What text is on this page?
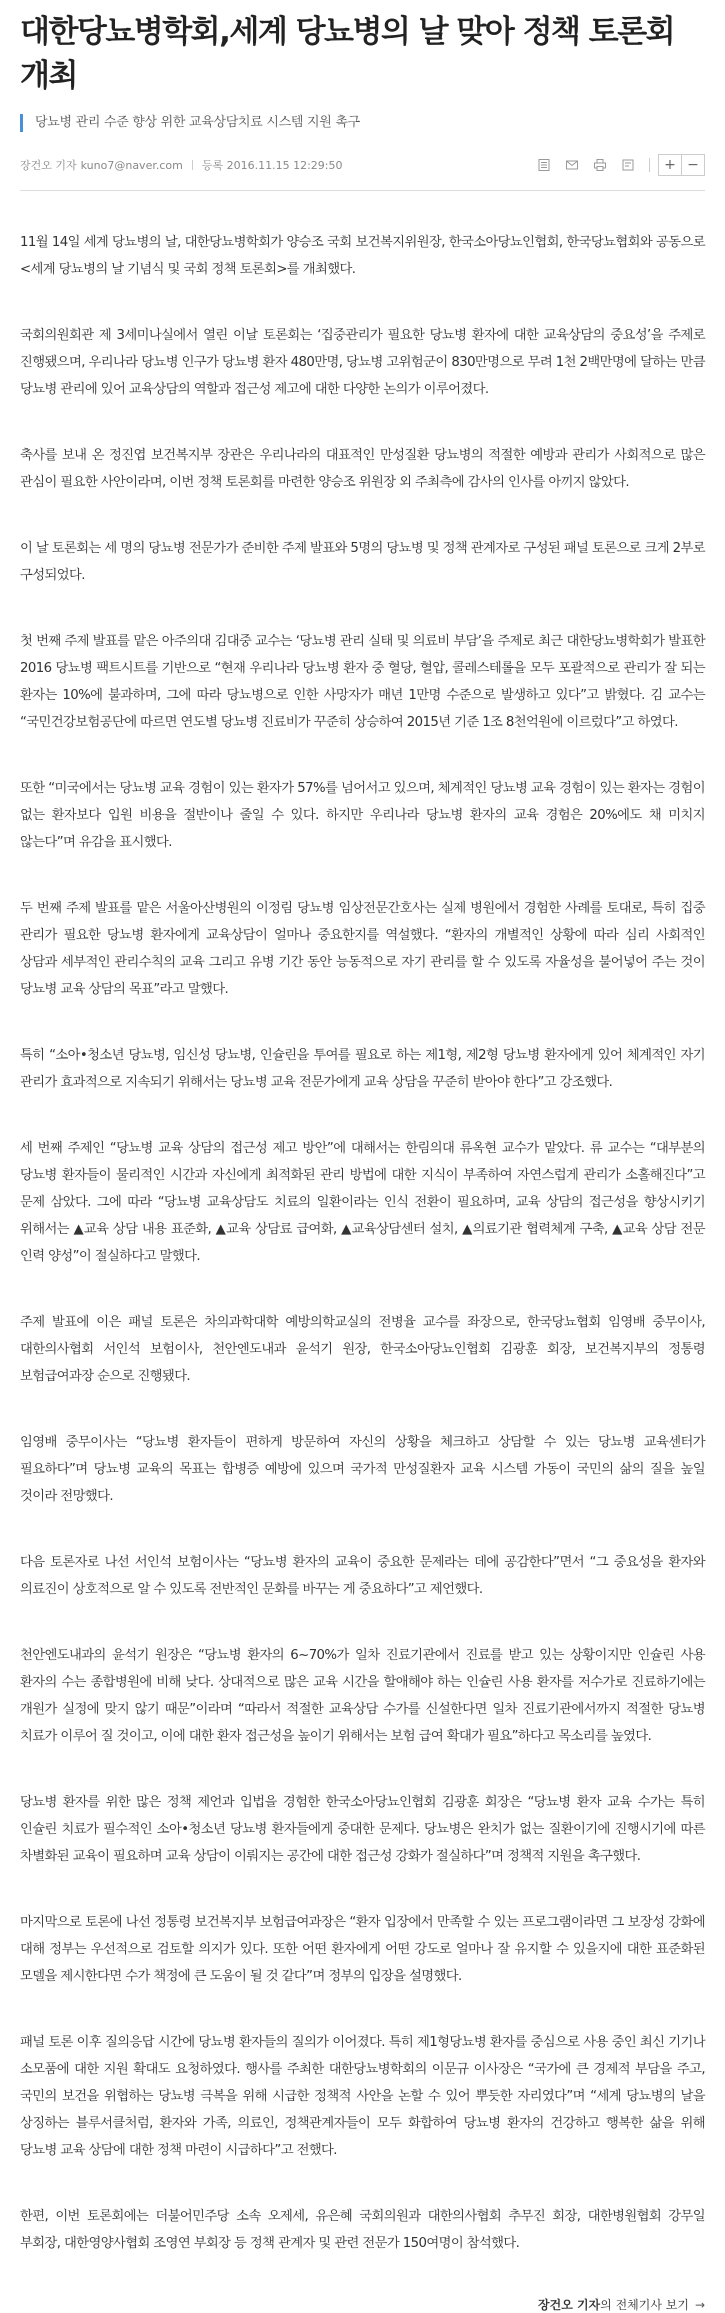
대한당뇨병학회,세계 당뇨병의 날 맞아 정책 토론회 개최
당뇨병 관리 수준 향상 위한 교육상담치료 시스템 지원 촉구
장건오 기자 kuno7@naver.com 등록 2016.11.15 12:29:50	+ −

11월 14일 세계 당뇨병의 날, 대한당뇨병학회가 양승조 국회 보건복지위원장, 한국소아당뇨인협회, 한국당뇨협회와 공동으로 <세계 당뇨병의 날 기념식 및 국회 정책 토론회>를 개최했다.

국회의원회관 제 3세미나실에서 열린 이날 토론회는 ‘집중관리가 필요한 당뇨병 환자에 대한 교육상담의 중요성’을 주제로 진행됐으며, 우리나라 당뇨병 인구가 당뇨병 환자 480만명, 당뇨병 고위험군이 830만명으로 무려 1천 2백만명에 달하는 만큼 당뇨병 관리에 있어 교육상담의 역할과 접근성 제고에 대한 다양한 논의가 이루어졌다.

축사를 보내 온 정진엽 보건복지부 장관은 우리나라의 대표적인 만성질환 당뇨병의 적절한 예방과 관리가 사회적으로 많은 관심이 필요한 사안이라며, 이번 정책 토론회를 마련한 양승조 위원장 외 주최측에 감사의 인사를 아끼지 않았다.

이 날 토론회는 세 명의 당뇨병 전문가가 준비한 주제 발표와 5명의 당뇨병 및 정책 관계자로 구성된 패널 토론으로 크게 2부로 구성되었다.

첫 번째 주제 발표를 맡은 아주의대 김대중 교수는 ‘당뇨병 관리 실태 및 의료비 부담’을 주제로 최근 대한당뇨병학회가 발표한 2016 당뇨병 팩트시트를 기반으로 “현재 우리나라 당뇨병 환자 중 혈당, 혈압, 콜레스테롤을 모두 포괄적으로 관리가 잘 되는 환자는 10%에 불과하며, 그에 따라 당뇨병으로 인한 사망자가 매년 1만명 수준으로 발생하고 있다”고 밝혔다. 김 교수는 “국민건강보험공단에 따르면 연도별 당뇨병 진료비가 꾸준히 상승하여 2015년 기준 1조 8천억원에 이르렀다”고 하였다.

또한 “미국에서는 당뇨병 교육 경험이 있는 환자가 57%를 넘어서고 있으며, 체계적인 당뇨병 교육 경험이 있는 환자는 경험이 없는 환자보다 입원 비용을 절반이나 줄일 수 있다. 하지만 우리나라 당뇨병 환자의 교육 경험은 20%에도 채 미치지 않는다”며 유감을 표시했다.

두 번째 주제 발표를 맡은 서울아산병원의 이정림 당뇨병 임상전문간호사는 실제 병원에서 경험한 사례를 토대로, 특히 집중 관리가 필요한 당뇨병 환자에게 교육상담이 얼마나 중요한지를 역설했다. “환자의 개별적인 상황에 따라 심리 사회적인 상담과 세부적인 관리수칙의 교육 그리고 유병 기간 동안 능동적으로 자기 관리를 할 수 있도록 자율성을 불어넣어 주는 것이 당뇨병 교육 상담의 목표”라고 말했다.

특히 “소아•청소년 당뇨병, 임신성 당뇨병, 인슐린을 투여를 필요로 하는 제1형, 제2형 당뇨병 환자에게 있어 체계적인 자기 관리가 효과적으로 지속되기 위해서는 당뇨병 교육 전문가에게 교육 상담을 꾸준히 받아야 한다”고 강조했다.

세 번째 주제인 “당뇨병 교육 상담의 접근성 제고 방안”에 대해서는 한림의대 류옥현 교수가 맡았다. 류 교수는 “대부분의 당뇨병 환자들이 물리적인 시간과 자신에게 최적화된 관리 방법에 대한 지식이 부족하여 자연스럽게 관리가 소홀해진다”고 문제 삼았다. 그에 따라 “당뇨병 교육상담도 치료의 일환이라는 인식 전환이 필요하며, 교육 상담의 접근성을 향상시키기 위해서는 ▲교육 상담 내용 표준화, ▲교육 상담료 급여화, ▲교육상담센터 설치, ▲의료기관 협력체계 구축, ▲교육 상담 전문 인력 양성”이 절실하다고 말했다.

주제 발표에 이은 패널 토론은 차의과학대학 예방의학교실의 전병율 교수를 좌장으로, 한국당뇨협회 임영배 중무이사, 대한의사협회 서인석 보험이사, 천안엔도내과 윤석기 원장, 한국소아당뇨인협회 김광훈 회장, 보건복지부의 정통령 보험급여과장 순으로 진행됐다.

임영배 중무이사는 “당뇨병 환자들이 편하게 방문하여 자신의 상황을 체크하고 상담할 수 있는 당뇨병 교육센터가 필요하다”며 당뇨병 교육의 목표는 합병증 예방에 있으며 국가적 만성질환자 교육 시스템 가동이 국민의 삶의 질을 높일 것이라 전망했다.

다음 토론자로 나선 서인석 보험이사는 “당뇨병 환자의 교육이 중요한 문제라는 데에 공감한다”면서 “그 중요성을 환자와 의료진이 상호적으로 알 수 있도록 전반적인 문화를 바꾸는 게 중요하다”고 제언했다.

천안엔도내과의 윤석기 원장은 “당뇨병 환자의 6~70%가 일차 진료기관에서 진료를 받고 있는 상황이지만 인슐린 사용 환자의 수는 종합병원에 비해 낮다. 상대적으로 많은 교육 시간을 할애해야 하는 인슐린 사용 환자를 저수가로 진료하기에는 개원가 실정에 맞지 않기 때문”이라며 “따라서 적절한 교육상담 수가를 신설한다면 일차 진료기관에서까지 적절한 당뇨병 치료가 이루어 질 것이고, 이에 대한 환자 접근성을 높이기 위해서는 보험 급여 확대가 필요”하다고 목소리를 높였다.

당뇨병 환자를 위한 많은 정책 제언과 입법을 경험한 한국소아당뇨인협회 김광훈 회장은 “당뇨병 환자 교육 수가는 특히 인슐린 치료가 필수적인 소아•청소년 당뇨병 환자들에게 중대한 문제다. 당뇨병은 완치가 없는 질환이기에 진행시기에 따른 차별화된 교육이 필요하며 교육 상담이 이뤄지는 공간에 대한 접근성 강화가 절실하다”며 정책적 지원을 촉구했다.

마지막으로 토론에 나선 정통령 보건복지부 보험급여과장은 “환자 입장에서 만족할 수 있는 프로그램이라면 그 보장성 강화에 대해 정부는 우선적으로 검토할 의지가 있다. 또한 어떤 환자에게 어떤 강도로 얼마나 잘 유지할 수 있을지에 대한 표준화된 모델을 제시한다면 수가 책정에 큰 도움이 될 것 같다”며 정부의 입장을 설명했다.

패널 토론 이후 질의응답 시간에 당뇨병 환자들의 질의가 이어졌다. 특히 제1형당뇨병 환자를 중심으로 사용 중인 최신 기기나 소모품에 대한 지원 확대도 요청하였다. 행사를 주최한 대한당뇨병학회의 이문규 이사장은 “국가에 큰 경제적 부담을 주고, 국민의 보건을 위협하는 당뇨병 극복을 위해 시급한 정책적 사안을 논할 수 있어 뿌듯한 자리였다”며 “세계 당뇨병의 날을 상징하는 블루서클처럼, 환자와 가족, 의료인, 정책관계자들이 모두 화합하여 당뇨병 환자의 건강하고 행복한 삶을 위해 당뇨병 교육 상담에 대한 정책 마련이 시급하다”고 전했다.

한편, 이번 토론회에는 더불어민주당 소속 오제세, 유은혜 국회의원과 대한의사협회 추무진 회장, 대한병원협회 강무일 부회장, 대한영양사협회 조영연 부회장 등 정책 관계자 및 관련 전문가 150여명이 참석했다.

장건오 기자 의 전체기사 보기 →
